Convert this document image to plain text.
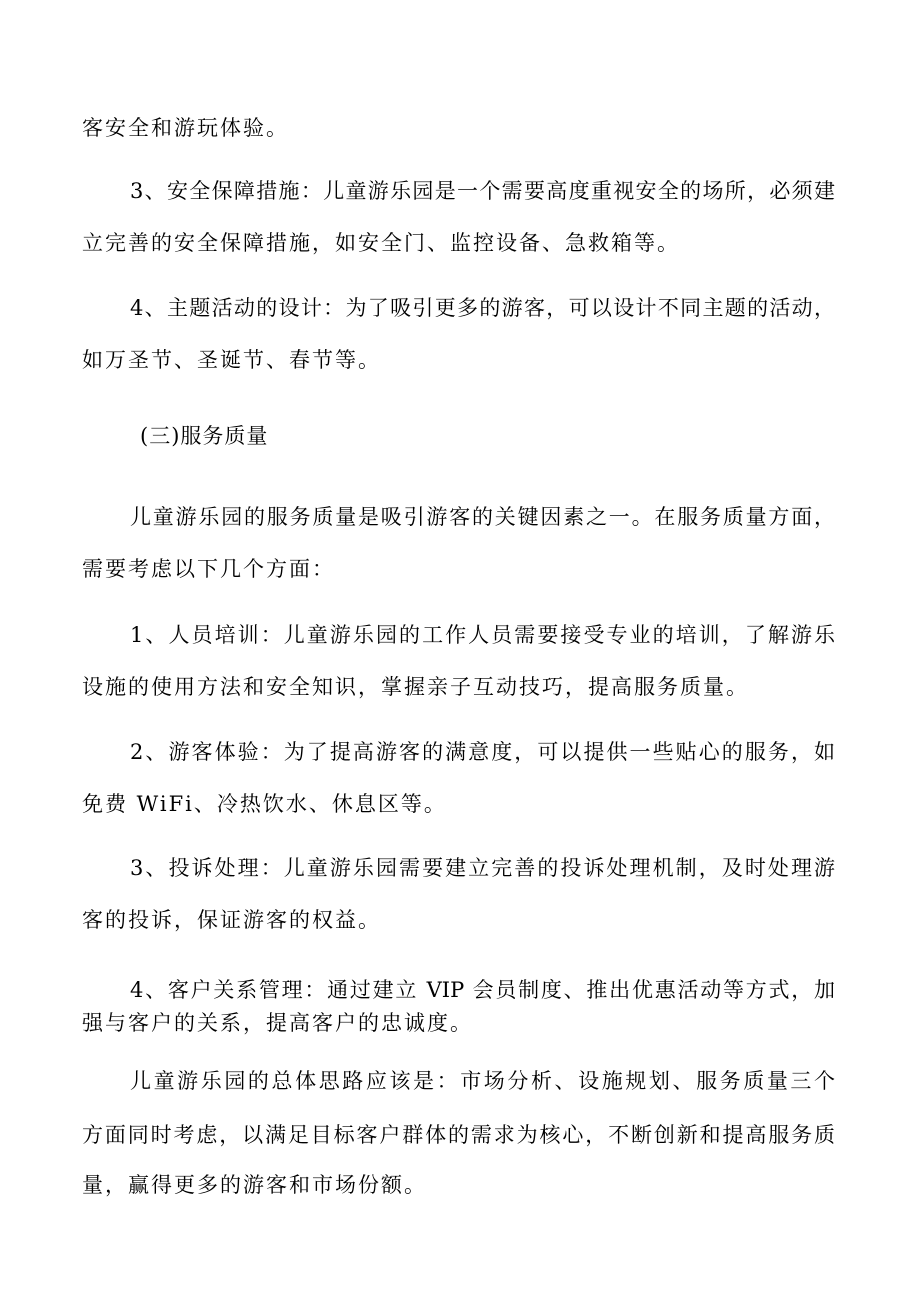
客安全和游玩体验。
3、安全保障措施：儿童游乐园是一个需要高度重视安全的场所，必须建
立完善的安全保障措施，如安全门、监控设备、急救箱等。
4、主题活动的设计：为了吸引更多的游客，可以设计不同主题的活动，
如万圣节、圣诞节、春节等。
(三)服务质量
儿童游乐园的服务质量是吸引游客的关键因素之一。在服务质量方面，
需要考虑以下几个方面：
1、人员培训：儿童游乐园的工作人员需要接受专业的培训，了解游乐
设施的使用方法和安全知识，掌握亲子互动技巧，提高服务质量。
2、游客体验：为了提高游客的满意度，可以提供一些贴心的服务，如
免费 WiFi、冷热饮水、休息区等。
3、投诉处理：儿童游乐园需要建立完善的投诉处理机制，及时处理游
客的投诉，保证游客的权益。
4、客户关系管理：通过建立 VIP 会员制度、推出优惠活动等方式，加
强与客户的关系，提高客户的忠诚度。
儿童游乐园的总体思路应该是：市场分析、设施规划、服务质量三个
方面同时考虑，以满足目标客户群体的需求为核心，不断创新和提高服务质
量，赢得更多的游客和市场份额。
